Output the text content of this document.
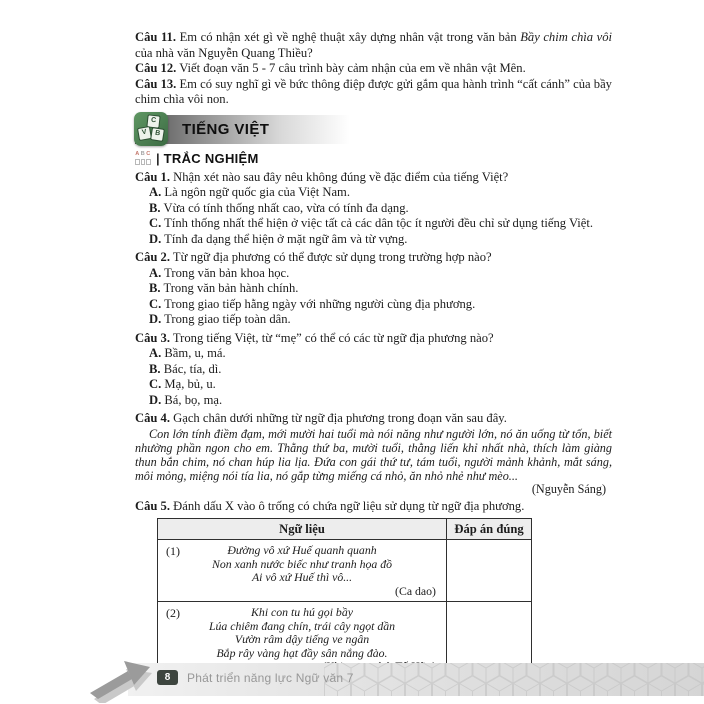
Câu 11. Em có nhận xét gì về nghệ thuật xây dựng nhân vật trong văn bản Bầy chim chìa vôi của nhà văn Nguyễn Quang Thiều?

Câu 12. Viết đoạn văn 5 - 7 câu trình bày cảm nhận của em về nhân vật Mên.

Câu 13. Em có suy nghĩ gì về bức thông điệp được gửi gắm qua hành trình “cất cánh” của bầy chim chìa vôi non.

C
V	B	TIẾNG VIỆT
A B C | TRẮC NGHIỆM

Câu 1. Nhận xét nào sau đây nêu không đúng về đặc điểm của tiếng Việt?

A. Là ngôn ngữ quốc gia của Việt Nam.

B. Vừa có tính thống nhất cao, vừa có tính đa dạng.

C. Tính thống nhất thể hiện ở việc tất cả các dân tộc ít người đều chỉ sử dụng tiếng Việt.

D. Tính đa dạng thể hiện ở mặt ngữ âm và từ vựng.

Câu 2. Từ ngữ địa phương có thể được sử dụng trong trường hợp nào?

A. Trong văn bản khoa học.

B. Trong văn bản hành chính.

C. Trong giao tiếp hằng ngày với những người cùng địa phương.

D. Trong giao tiếp toàn dân.

Câu 3. Trong tiếng Việt, từ “mẹ” có thể có các từ ngữ địa phương nào?

A. Bầm, u, má.

B. Bác, tía, dì.

C. Mạ, bủ, u.

D. Bá, bọ, mạ.

Câu 4. Gạch chân dưới những từ ngữ địa phương trong đoạn văn sau đây.

Con lớn tính điềm đạm, mới mười hai tuổi mà nói năng như người lớn, nó ăn uống từ tốn, biết nhường phần ngon cho em. Thằng thứ ba, mười tuổi, thằng liến khỉ nhất nhà, thích làm giàng thun bắn chim, nó chan húp lia lịa. Đứa con gái thứ tư, tám tuổi, người mảnh khảnh, mắt sáng, môi mỏng, miệng nói tía lia, nó gắp từng miếng cá nhỏ, ăn nhỏ nhẻ như mèo...

(Nguyễn Sáng)

Câu 5. Đánh dấu X vào ô trống có chứa ngữ liệu sử dụng từ ngữ địa phương.

Ngữ liệu	Đáp án đúng

(1) Đường vô xứ Huế quanh quanh

Non xanh nước biếc như tranh họa đồ

Ai vô xứ Huế thì vô...

(Ca dao)	

(2)	Khi con tu hú gọi bầy

Lúa chiêm đang chín, trái cây ngọt dần

Vườn râm dậy tiếng ve ngân

Bắp rây vàng hạt đầy sân nắng đào.

8	Phát triển năng lực Ngữ văn 7
